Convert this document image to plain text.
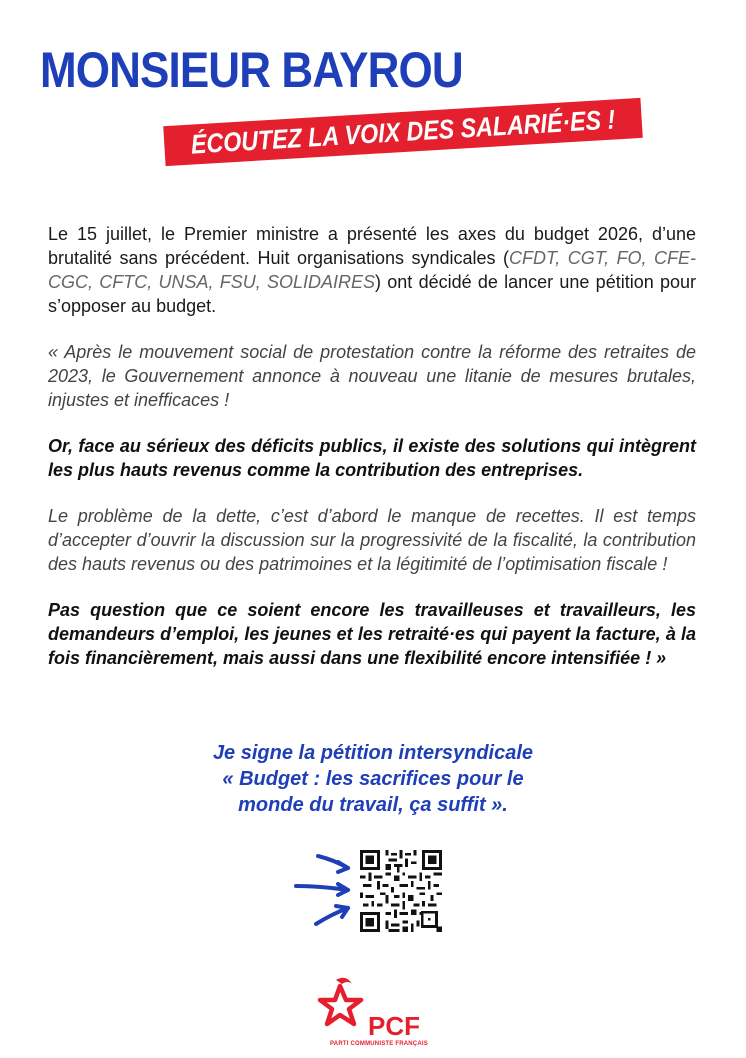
MONSIEUR BAYROU
ÉCOUTEZ LA VOIX DES SALARIÉ·ES !

Le 15 juillet, le Premier ministre a présenté les axes du budget 2026, d’une brutalité sans précédent. Huit organisations syndicales (CFDT, CGT, FO, CFE-CGC, CFTC, UNSA, FSU, SOLIDAIRES) ont décidé de lancer une pétition pour s’opposer au budget.

« Après le mouvement social de protestation contre la réforme des retraites de 2023, le Gouvernement annonce à nouveau une litanie de mesures brutales, injustes et inefficaces !

Or, face au sérieux des déficits publics, il existe des solutions qui intègrent les plus hauts revenus comme la contribution des entreprises.

Le problème de la dette, c’est d’abord le manque de recettes. Il est temps d’accepter d’ouvrir la discussion sur la progressivité de la fiscalité, la contribution des hauts revenus ou des patrimoines et la légitimité de l’optimisation fiscale !

Pas question que ce soient encore les travailleuses et travailleurs, les demandeurs d’emploi, les jeunes et les retraité·es qui payent la facture, à la fois financièrement, mais aussi dans une flexibilité encore intensifiée ! »

Je signe la pétition intersyndicale
« Budget : les sacrifices pour le
monde du travail, ça suffit ».
PCF
PARTI COMMUNISTE FRANÇAIS
